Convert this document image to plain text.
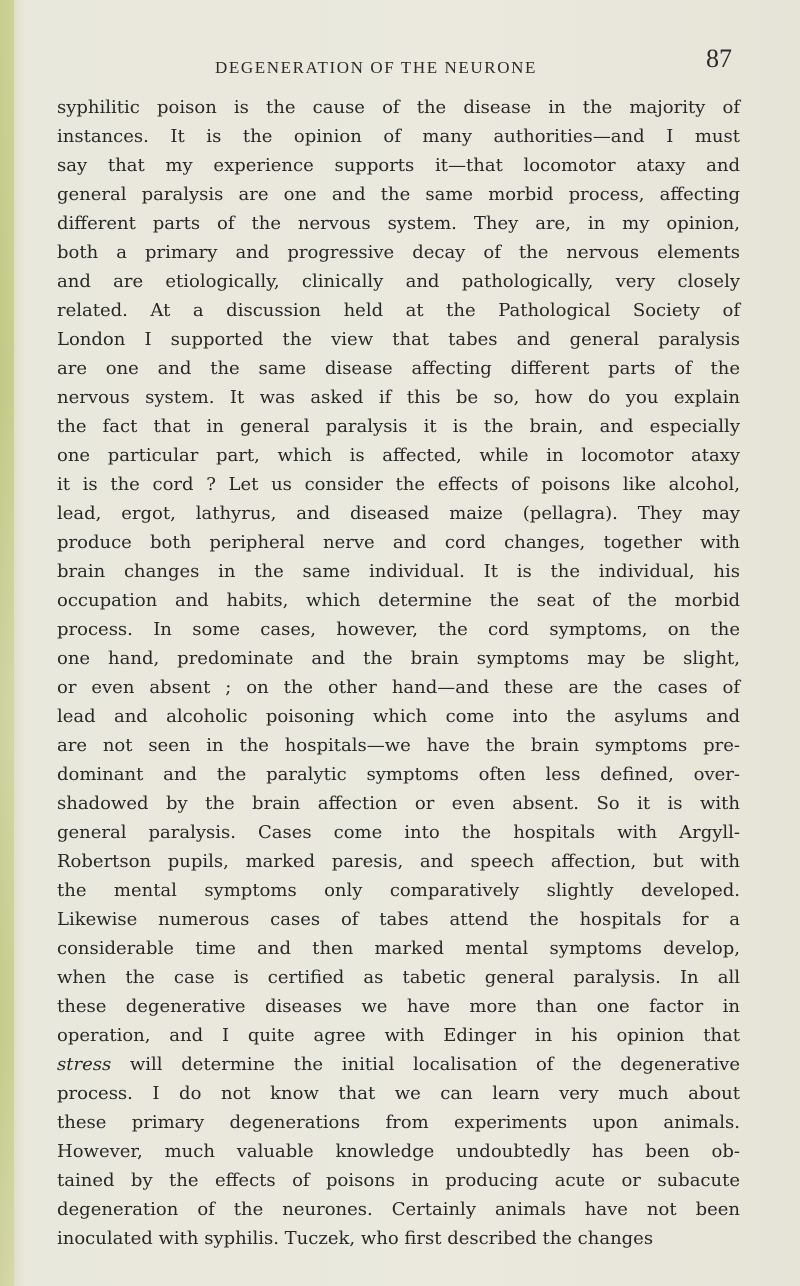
DEGENERATION OF THE NEURONE	87
syphilitic poison is the cause of the disease in the majority of
instances. It is the opinion of many authorities—and I must
say that my experience supports it—that locomotor ataxy and
general paralysis are one and the same morbid process, affecting
different parts of the nervous system. They are, in my opinion,
both a primary and progressive decay of the nervous elements
and are etiologically, clinically and pathologically, very closely
related. At a discussion held at the Pathological Society of
London I supported the view that tabes and general paralysis
are one and the same disease affecting different parts of the
nervous system. It was asked if this be so, how do you explain
the fact that in general paralysis it is the brain, and especially
one particular part, which is affected, while in locomotor ataxy
it is the cord ? Let us consider the effects of poisons like alcohol,
lead, ergot, lathyrus, and diseased maize (pellagra). They may
produce both peripheral nerve and cord changes, together with
brain changes in the same individual. It is the individual, his
occupation and habits, which determine the seat of the morbid
process. In some cases, however, the cord symptoms, on the
one hand, predominate and the brain symptoms may be slight,
or even absent ; on the other hand—and these are the cases of
lead and alcoholic poisoning which come into the asylums and
are not seen in the hospitals—we have the brain symptoms pre-
dominant and the paralytic symptoms often less defined, over-
shadowed by the brain affection or even absent. So it is with
general paralysis. Cases come into the hospitals with Argyll-
Robertson pupils, marked paresis, and speech affection, but with
the mental symptoms only comparatively slightly developed.
Likewise numerous cases of tabes attend the hospitals for a
considerable time and then marked mental symptoms develop,
when the case is certified as tabetic general paralysis. In all
these degenerative diseases we have more than one factor in
operation, and I quite agree with Edinger in his opinion that
stress will determine the initial localisation of the degenerative
process. I do not know that we can learn very much about
these primary degenerations from experiments upon animals.
However, much valuable knowledge undoubtedly has been ob-
tained by the effects of poisons in producing acute or subacute
degeneration of the neurones. Certainly animals have not been
inoculated with syphilis. Tuczek, who first described the changes
